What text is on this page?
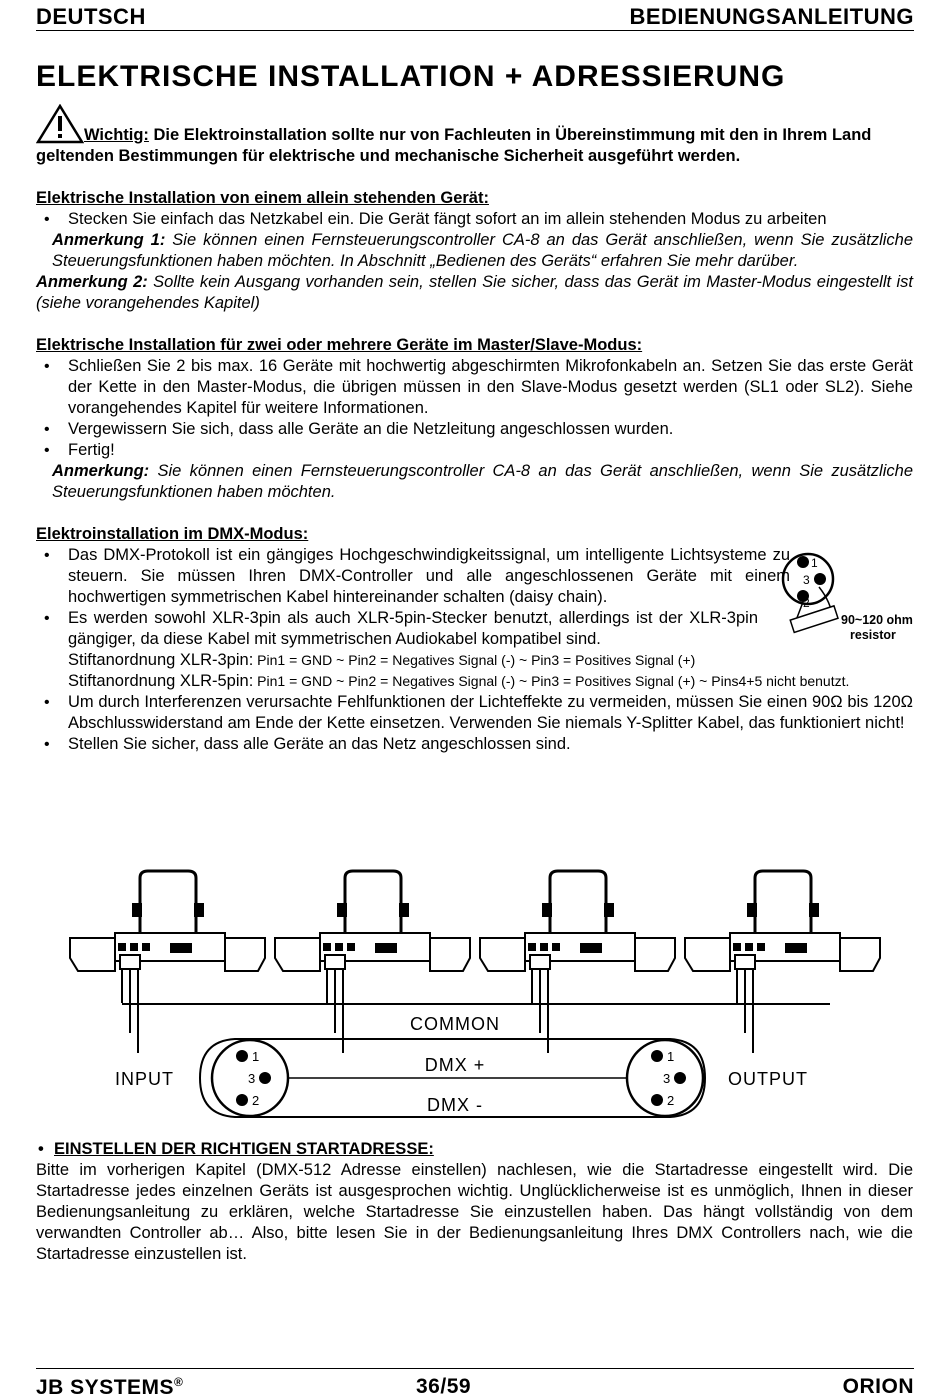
DEUTSCH	BEDIENUNGSANLEITUNG
ELEKTRISCHE INSTALLATION + ADRESSIERUNG

Wichtig: Die Elektroinstallation sollte nur von Fachleuten in Übereinstimmung mit den in Ihrem Land geltenden Bestimmungen für elektrische und mechanische Sicherheit ausgeführt werden.

Elektrische Installation von einem allein stehenden Gerät:
• Stecken Sie einfach das Netzkabel ein. Die Gerät fängt sofort an im allein stehenden Modus zu arbeiten
Anmerkung 1: Sie können einen Fernsteuerungscontroller CA-8 an das Gerät anschließen, wenn Sie zusätzliche Steuerungsfunktionen haben möchten. In Abschnitt „Bedienen des Geräts“ erfahren Sie mehr darüber.
Anmerkung 2: Sollte kein Ausgang vorhanden sein, stellen Sie sicher, dass das Gerät im Master-Modus eingestellt ist (siehe vorangehendes Kapitel)
Elektrische Installation für zwei oder mehrere Geräte im Master/Slave-Modus:
• Schließen Sie 2 bis max. 16 Geräte mit hochwertig abgeschirmten Mikrofonkabeln an. Setzen Sie das erste Gerät der Kette in den Master-Modus, die übrigen müssen in den Slave-Modus gesetzt werden (SL1 oder SL2). Siehe vorangehendes Kapitel für weitere Informationen.
• Vergewissern Sie sich, dass alle Geräte an die Netzleitung angeschlossen wurden.
• Fertig!
Anmerkung: Sie können einen Fernsteuerungscontroller CA-8 an das Gerät anschließen, wenn Sie zusätzliche Steuerungsfunktionen haben möchten.
Elektroinstallation im DMX-Modus:
1
3
2
90~120 ohm
resistor
• Das DMX-Protokoll ist ein gängiges Hochgeschwindigkeitssignal, um intelligente Lichtsysteme zu steuern. Sie müssen Ihren DMX-Controller und alle angeschlossenen Geräte mit einem hochwertigen symmetrischen Kabel hintereinander schalten (daisy chain).
• Es werden sowohl XLR-3pin als auch XLR-5pin-Stecker benutzt, allerdings ist der XLR-3pin gängiger, da diese Kabel mit symmetrischen Audiokabel kompatibel sind.
Stiftanordnung XLR-3pin: Pin1 = GND ~ Pin2 = Negatives Signal (-) ~ Pin3 = Positives Signal (+)
Stiftanordnung XLR-5pin: Pin1 = GND ~ Pin2 = Negatives Signal (-) ~ Pin3 = Positives Signal (+) ~ Pins4+5 nicht benutzt.
• Um durch Interferenzen verursachte Fehlfunktionen der Lichteffekte zu vermeiden, müssen Sie einen 90Ω bis 120Ω Abschlusswiderstand am Ende der Kette einsetzen. Verwenden Sie niemals Y-Splitter Kabel, das funktioniert nicht!
• Stellen Sie sicher, dass alle Geräte an das Netz angeschlossen sind.
COMMON
DMX +
DMX -
1
3
2
1
3
2
INPUT	OUTPUT
• EINSTELLEN DER RICHTIGEN STARTADRESSE:

Bitte im vorherigen Kapitel (DMX-512 Adresse einstellen) nachlesen, wie die Startadresse eingestellt wird. Die Startadresse jedes einzelnen Geräts ist ausgesprochen wichtig. Unglücklicherweise ist es unmöglich, Ihnen in dieser Bedienungsanleitung zu erklären, welche Startadresse Sie einzustellen haben. Das hängt vollständig von dem verwandten Controller ab… Also, bitte lesen Sie in der Bedienungsanleitung Ihres DMX Controllers nach, wie die Startadresse einzustellen ist.

JB SYSTEMS®	36/59	ORION
